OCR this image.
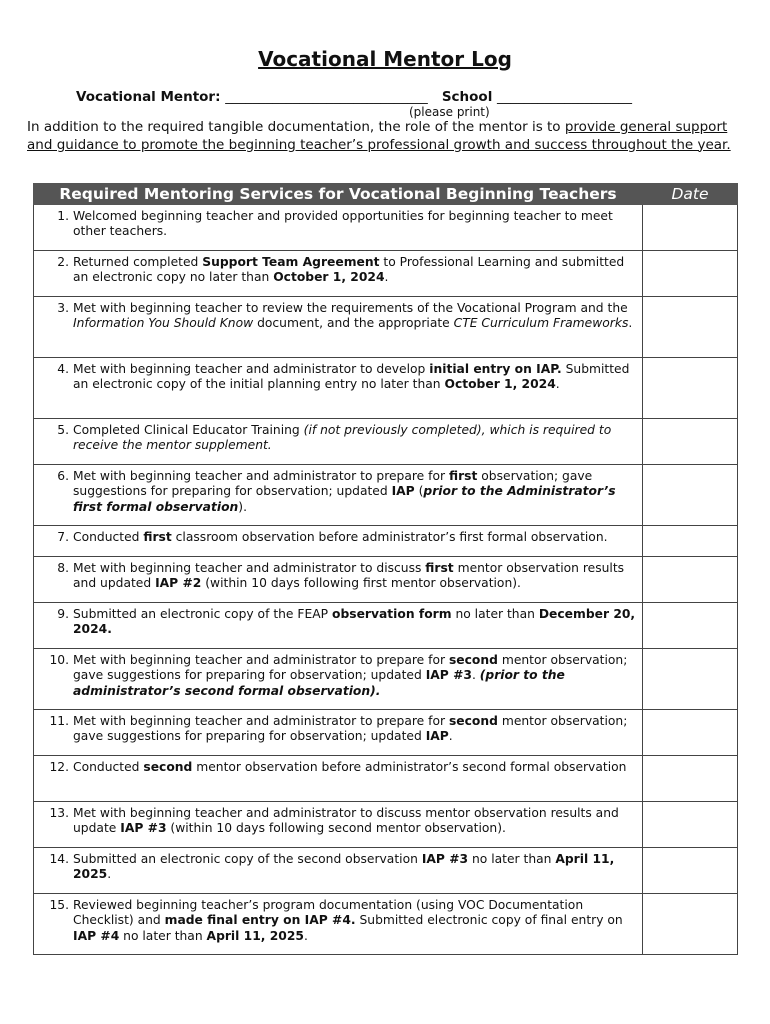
Vocational Mentor Log
Vocational Mentor: ______________________________ School ____________________
(please print)
In addition to the required tangible documentation, the role of the mentor is to provide general support and guidance to promote the beginning teacher’s professional growth and success throughout the year.
Required Mentoring Services for Vocational Beginning Teachers	Date

1. Welcomed beginning teacher and provided opportunities for beginning teacher to meet other teachers.	

2. Returned completed Support Team Agreement to Professional Learning and submitted an electronic copy no later than October 1, 2024.	

3. Met with beginning teacher to review the requirements of the Vocational Program and the Information You Should Know document, and the appropriate CTE Curriculum Frameworks.	

4. Met with beginning teacher and administrator to develop initial entry on IAP. Submitted an electronic copy of the initial planning entry no later than October 1, 2024.	

5. Completed Clinical Educator Training (if not previously completed), which is required to receive the mentor supplement.	

6. Met with beginning teacher and administrator to prepare for first observation; gave suggestions for preparing for observation; updated IAP (prior to the Administrator’s first formal observation).	

7. Conducted first classroom observation before administrator’s first formal observation.	

8. Met with beginning teacher and administrator to discuss first mentor observation results and updated IAP #2 (within 10 days following first mentor observation).	

9. Submitted an electronic copy of the FEAP observation form no later than December 20, 2024.	

10. Met with beginning teacher and administrator to prepare for second mentor observation; gave suggestions for preparing for observation; updated IAP #3. (prior to the administrator’s second formal observation).	

11. Met with beginning teacher and administrator to prepare for second mentor observation; gave suggestions for preparing for observation; updated IAP.	

12. Conducted second mentor observation before administrator’s second formal observation	

13. Met with beginning teacher and administrator to discuss mentor observation results and update IAP #3 (within 10 days following second mentor observation).	

14. Submitted an electronic copy of the second observation IAP #3 no later than April 11, 2025.	

15. Reviewed beginning teacher’s program documentation (using VOC Documentation Checklist) and made final entry on IAP #4. Submitted electronic copy of final entry on IAP #4 no later than April 11, 2025.	
